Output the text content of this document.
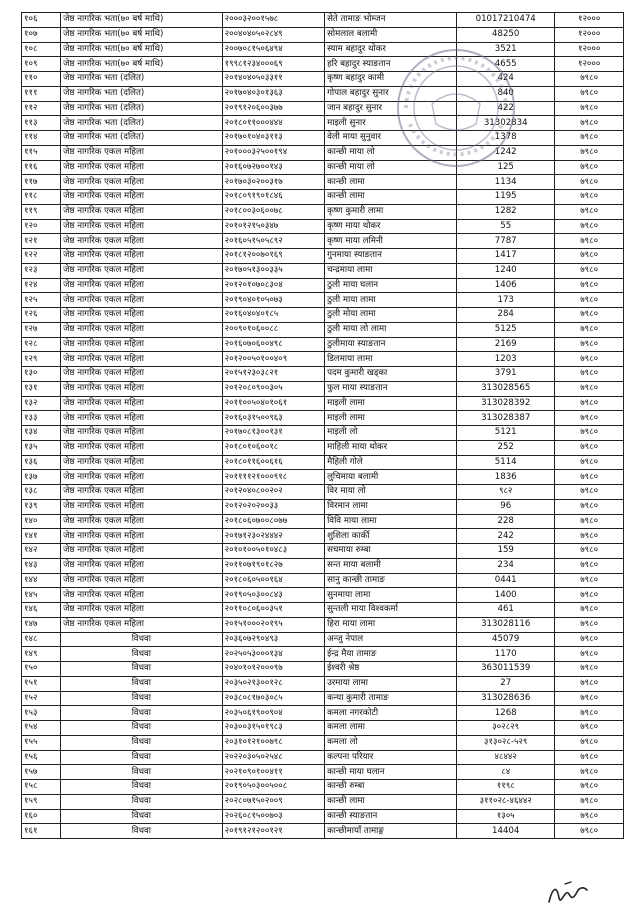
१०६	जेष्ठ नागरिक भता(७० बर्ष माथि)	२०००३२००१५७८	सेते तामाङ भोम्जन	01017210474	१२०००
१०७	जेष्ठ नागरिक भता(७० बर्ष माथि)	२००४०४०५०२८४९	सोमलाल बलामी	48250	१२०००
१०८	जेष्ठ नागरिक भता(७० बर्ष माथि)	२००७०८१५०६४९४	स्याम बहादुर थोकर	3521	१२०००
१०९	जेष्ठ नागरिक भता(७० बर्ष माथि)	१९९८१२३४०००६९	हरि बहादुर स्याङतान	4655	१२०००
११०	जेष्ठ नागरिक भता (दलित)	२०१४०४०५०३३११	कृष्ण बहादुर कामी	424	७९८०
१११	जेष्ठ नागरिक भता (दलित)	२०१७०४०३०१३६३	गोपाल बहादुर सुनार	840	७९८०
११२	जेष्ठ नागरिक भता (दलित)	२०१९१२०६००३७७	जान बहादुर सुनार	422	७९८०
११३	जेष्ठ नागरिक भता (दलित)	२०१८०११०००४४४	माइली सुनार	31302834	७९८०
११४	जेष्ठ नागरिक भता (दलित)	२०१७०१०४०३११३	वेली माया सुनुवार	1378	७९८०
११५	जेष्ठ नागरिक एकल महिला	२०१०००३२५००१९४	कान्छी माया लो	1242	७९८०
११६	जेष्ठ नागरिक एकल महिला	२०१६०७२७००१४३	कान्छी माया लो	125	७९८०
११७	जेष्ठ नागरिक एकल महिला	२०१७०३०२००३१७	कान्छी लामा	1134	७९८०
११८	जेष्ठ नागरिक एकल महिला	२०१८०९१९०१८४६	कान्छी लामा	1195	७९८०
११९	जेष्ठ नागरिक एकल महिला	२०१८००३०६००७८	कृष्ण कुमारी लामा	1282	७९८०
१२०	जेष्ठ नागरिक एकल महिला	२०१०१२१५०३४७	कृष्ण माया थोकर	55	७९८०
१२१	जेष्ठ नागरिक एकल महिला	२०१६०५१५०५८९२	कृष्ण माया लमिनी	7787	७९८०
१२२	जेष्ठ नागरिक एकल महिला	२०१८१२००७०१६९	गुनमाया स्याङतान	1417	७९८०
१२३	जेष्ठ नागरिक एकल महिला	२०१७०५१३००३३५	चन्द्रमाया लामा	1240	७९८०
१२४	जेष्ठ नागरिक एकल महिला	२०१२०१०७०८३०४	ठुली माया घलान	1406	७९८०
१२५	जेष्ठ नागरिक एकल महिला	२०१९०४०१०५०७३	ठुली माया लामा	173	७९८०
१२६	जेष्ठ नागरिक एकल महिला	२०१६०४०४०१८५	ठुली मोया लामा	284	७९८०
१२७	जेष्ठ नागरिक एकल महिला	२००९०१०६००८८	ठुली माया लो लामा	5125	७९८०
१२८	जेष्ठ नागरिक एकल महिला	२०१६०७०६००४९८	ठुलीमाया स्याङतान	2169	७९८०
१२९	जेष्ठ नागरिक एकल महिला	२०१२००५०१००४०९	डिलमाया लामा	1203	७९८०
१३०	जेष्ठ नागरिक एकल महिला	२०१५१२३०३८२१	पदम कुमारी खड्का	3791	७९८०
१३१	जेष्ठ नागरिक एकल महिला	२०१२०८०९००३०५	फुल माया स्याङतान	313028565	७९८०
१३२	जेष्ठ नागरिक एकल महिला	२०११००५०४०१०६१	माइली लामा	313028392	७९८०
१३३	जेष्ठ नागरिक एकल महिला	२०१६०३१५००९६३	माइली लामा	313028387	७९८०
१३४	जेष्ठ नागरिक एकल महिला	२०१७०८१३००१३१	माइली लो	5121	७९८०
१३५	जेष्ठ नागरिक एकल महिला	२०१८०१०६००१८	माहिली माया थोकर	252	७९८०
१३६	जेष्ठ नागरिक एकल महिला	२०१८०११६००६१६	मैहिली गोले	5114	७९८०
१३७	जेष्ठ नागरिक एकल महिला	२०११११२१०००९१८	लुचिमाया बलामी	1836	७९८०
१३८	जेष्ठ नागरिक एकल महिला	२०१२०४०८००२०२	विर माया लो	९८२	७९८०
१३९	जेष्ठ नागरिक एकल महिला	२०१२०२०२००३३	विरमान लामा	96	७९८०
१४०	जेष्ठ नागरिक एकल महिला	२०१८०६०७००८०७७	विवि माया लामा	228	७९८०
१४१	जेष्ठ नागरिक एकल महिला	२०१७१२३०२४४४२	शुशिला कार्की	242	७९८०
१४२	जेष्ठ नागरिक एकल महिला	२०१०१००५०१०४८३	सचमाया रुम्बा	159	७९८०
१४३	जेष्ठ नागरिक एकल महिला	२०११०७१९०१८२७	सन्त माया बलामी	234	७९८०
१४४	जेष्ठ नागरिक एकल महिला	२०१८०६०५००१६४	सानु कान्छी तामाङ	0441	७९८०
१४५	जेष्ठ नागरिक एकल महिला	२०१९०५०३००८४३	सुनमाया लामा	1400	७९८०
१४६	जेष्ठ नागरिक एकल महिला	२०११०८०६००३५१	सुन्तली माया विश्वकर्मा	461	७९८०
१४७	जेष्ठ नागरिक एकल महिला	२०१५१०००२०१९५	हिरा माया लामा	313028116	७९८०
१४८	विधवा	२०३६०७२९०४९३	अन्जु नेपाल	45079	७९८०
१४९	विधवा	२०२५०५३०००१३४	ईन्द्र मैया तामाङ	1170	७९८०
१५०	विधवा	२०४०१०१२०००९७	ईश्वरी श्रेष्ठ	363011539	७९८०
१५१	विधवा	२०३५०२१३००१२८	उरमाया लामा	27	७९८०
१५२	विधवा	२०३८०८१७०३०८५	कन्या कुमारी तामाङ	313028636	७९८०
१५३	विधवा	२०३५०६१९००९०४	कमला नगरकोटी	1268	७९८०
१५४	विधवा	२०३००३१५०१९८३	कमला लामा	३०२८२९	७९८०
१५५	विधवा	२०३१०१२१००७९८	कमला लो	३१३०२८-५२९	७९८०
१५६	विधवा	२०२२०३०५०२५४८	कल्पना परियार	४८४४२	७९८०
१५७	विधवा	२०२१०९०१००४११	कान्छी माया घलान	८४	७९८०
१५८	विधवा	२०१९०५०३००५००८	कान्छी रुम्बा	११९८	७९८०
१५९	विधवा	२०२८०७१५०२००९	कान्छी लामा	३११०२८-४६४४२	७९८०
१६०	विधवा	२०२६०८१५००७०३	कान्छी स्याङतान	१३०५	७९८०
१६१	विधवा	२०१९१२१२००१२१	कान्छीमायाँ तामाङ्ग	14404	७९८०
